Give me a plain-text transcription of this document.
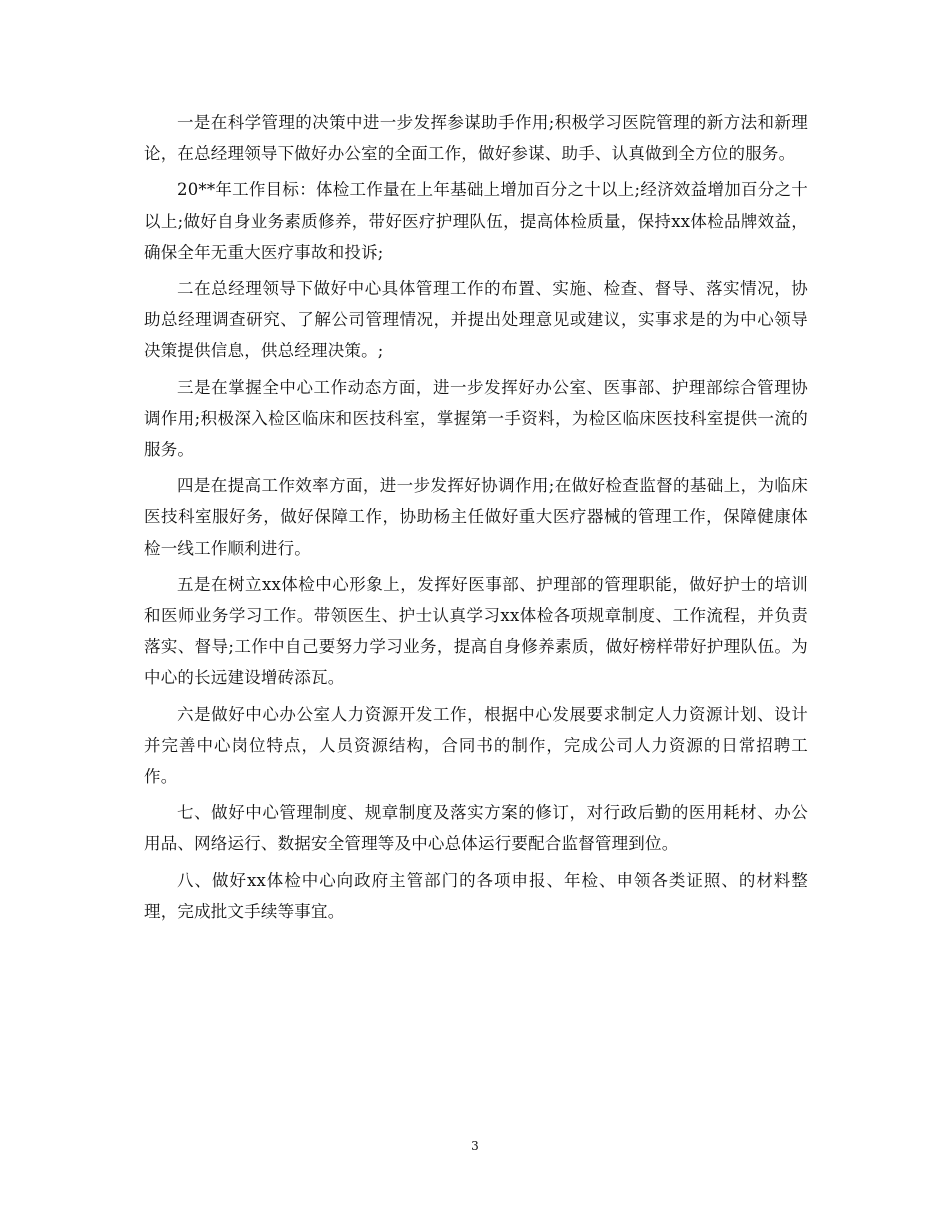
一是在科学管理的决策中进一步发挥参谋助手作用;积极学习医院管理的新方法和新理论，在总经理领导下做好办公室的全面工作，做好参谋、助手、认真做到全方位的服务。

20**年工作目标：体检工作量在上年基础上增加百分之十以上;经济效益增加百分之十以上;做好自身业务素质修养，带好医疗护理队伍，提高体检质量，保持xx体检品牌效益，确保全年无重大医疗事故和投诉;

二在总经理领导下做好中心具体管理工作的布置、实施、检查、督导、落实情况，协助总经理调查研究、了解公司管理情况，并提出处理意见或建议，实事求是的为中心领导决策提供信息，供总经理决策。;

三是在掌握全中心工作动态方面，进一步发挥好办公室、医事部、护理部综合管理协调作用;积极深入检区临床和医技科室，掌握第一手资料，为检区临床医技科室提供一流的服务。

四是在提高工作效率方面，进一步发挥好协调作用;在做好检查监督的基础上，为临床医技科室服好务，做好保障工作，协助杨主任做好重大医疗器械的管理工作，保障健康体检一线工作顺利进行。

五是在树立xx体检中心形象上，发挥好医事部、护理部的管理职能，做好护士的培训和医师业务学习工作。带领医生、护士认真学习xx体检各项规章制度、工作流程，并负责落实、督导;工作中自己要努力学习业务，提高自身修养素质，做好榜样带好护理队伍。为中心的长远建设增砖添瓦。

六是做好中心办公室人力资源开发工作，根据中心发展要求制定人力资源计划、设计并完善中心岗位特点，人员资源结构，合同书的制作，完成公司人力资源的日常招聘工作。

七、做好中心管理制度、规章制度及落实方案的修订，对行政后勤的医用耗材、办公用品、网络运行、数据安全管理等及中心总体运行要配合监督管理到位。

八、做好xx体检中心向政府主管部门的各项申报、年检、申领各类证照、的材料整理，完成批文手续等事宜。

3
